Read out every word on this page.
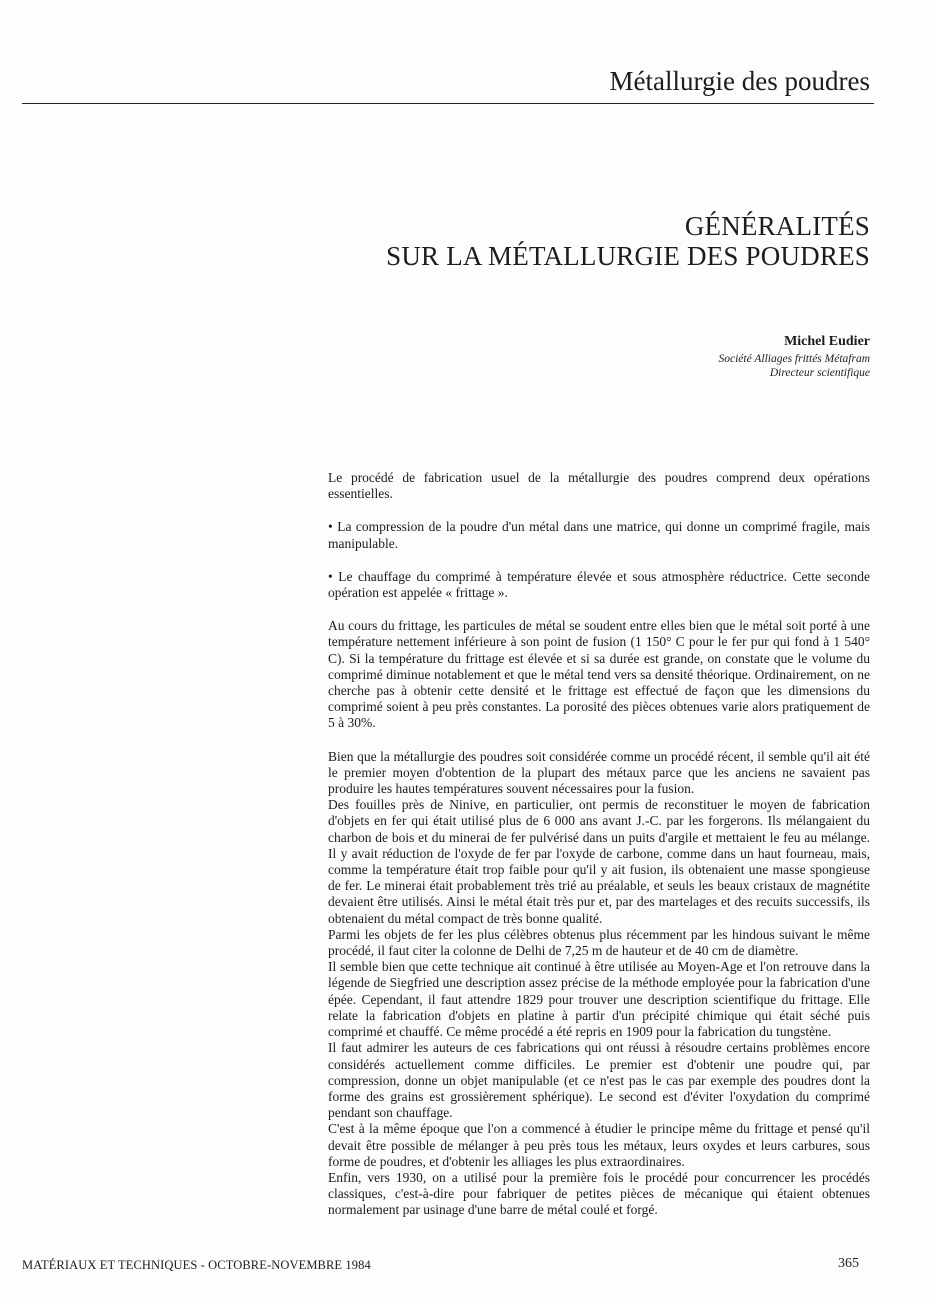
Métallurgie des poudres
GÉNÉRALITÉS
SUR LA MÉTALLURGIE DES POUDRES
Michel Eudier
Société Alliages frittés Métafram
Directeur scientifique

Le procédé de fabrication usuel de la métallurgie des poudres comprend deux opérations essentielles.

• La compression de la poudre d'un métal dans une matrice, qui donne un comprimé fragile, mais manipulable.

• Le chauffage du comprimé à température élevée et sous atmosphère réductrice. Cette seconde opération est appelée « frittage ».

Au cours du frittage, les particules de métal se soudent entre elles bien que le métal soit porté à une température nettement inférieure à son point de fusion (1 150° C pour le fer pur qui fond à 1 540° C). Si la température du frittage est élevée et si sa durée est grande, on constate que le volume du comprimé diminue notablement et que le métal tend vers sa densité théorique. Ordinairement, on ne cherche pas à obtenir cette densité et le frittage est effectué de façon que les dimensions du comprimé soient à peu près constantes. La porosité des pièces obtenues varie alors pratiquement de 5 à 30%.

Bien que la métallurgie des poudres soit considérée comme un procédé récent, il semble qu'il ait été le premier moyen d'obtention de la plupart des métaux parce que les anciens ne savaient pas produire les hautes températures souvent nécessaires pour la fusion.

Des fouilles près de Ninive, en particulier, ont permis de reconstituer le moyen de fabrication d'objets en fer qui était utilisé plus de 6 000 ans avant J.-C. par les forgerons. Ils mélangaient du charbon de bois et du minerai de fer pulvérisé dans un puits d'argile et mettaient le feu au mélange. Il y avait réduction de l'oxyde de fer par l'oxyde de carbone, comme dans un haut fourneau, mais, comme la température était trop faible pour qu'il y ait fusion, ils obtenaient une masse spongieuse de fer. Le minerai était probablement très trié au préalable, et seuls les beaux cristaux de magnétite devaient être utilisés. Ainsi le métal était très pur et, par des martelages et des recuits successifs, ils obtenaient du métal compact de très bonne qualité.

Parmi les objets de fer les plus célèbres obtenus plus récemment par les hindous suivant le même procédé, il faut citer la colonne de Delhi de 7,25 m de hauteur et de 40 cm de diamètre.

Il semble bien que cette technique ait continué à être utilisée au Moyen-Age et l'on retrouve dans la légende de Siegfried une description assez précise de la méthode employée pour la fabrication d'une épée. Cependant, il faut attendre 1829 pour trouver une description scientifique du frittage. Elle relate la fabrication d'objets en platine à partir d'un précipité chimique qui était séché puis comprimé et chauffé. Ce même procédé a été repris en 1909 pour la fabrication du tungstène.

Il faut admirer les auteurs de ces fabrications qui ont réussi à résoudre certains problèmes encore considérés actuellement comme difficiles. Le premier est d'obtenir une poudre qui, par compression, donne un objet manipulable (et ce n'est pas le cas par exemple des poudres dont la forme des grains est grossièrement sphérique). Le second est d'éviter l'oxydation du comprimé pendant son chauffage.

C'est à la même époque que l'on a commencé à étudier le principe même du frittage et pensé qu'il devait être possible de mélanger à peu près tous les métaux, leurs oxydes et leurs carbures, sous forme de poudres, et d'obtenir les alliages les plus extraordinaires.

Enfin, vers 1930, on a utilisé pour la première fois le procédé pour concurrencer les procédés classiques, c'est-à-dire pour fabriquer de petites pièces de mécanique qui étaient obtenues normalement par usinage d'une barre de métal coulé et forgé.

MATÉRIAUX ET TECHNIQUES - OCTOBRE-NOVEMBRE 1984	365
